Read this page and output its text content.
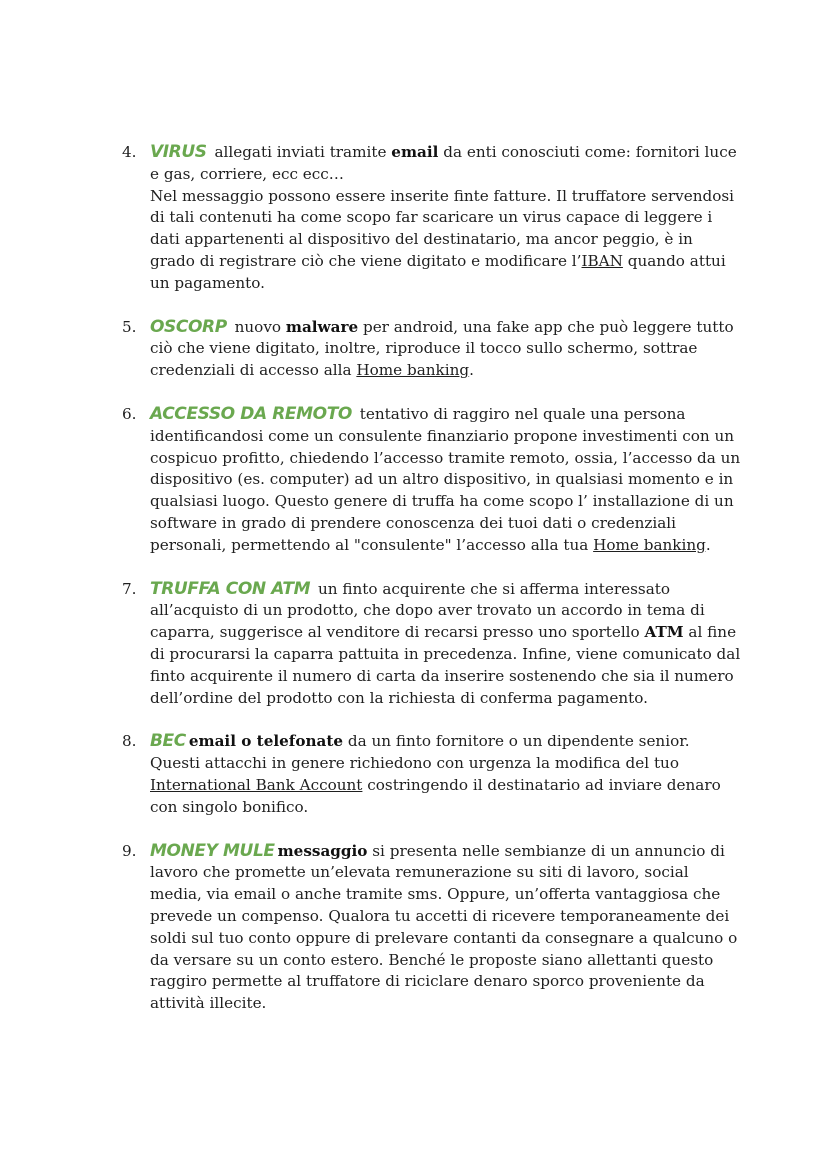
4. VIRUS allegati inviati tramite email da enti conosciuti come: fornitori luce e gas, corriere, ecc ecc…
Nel messaggio possono essere inserite finte fatture. Il truffatore servendosi di tali contenuti ha come scopo far scaricare un virus capace di leggere i dati appartenenti al dispositivo del destinatario, ma ancor peggio, è in grado di registrare ciò che viene digitato e modificare l’IBAN quando attui un pagamento.
5. OSCORP nuovo malware per android, una fake app che può leggere tutto ciò che viene digitato, inoltre, riproduce il tocco sullo schermo, sottrae credenziali di accesso alla Home banking.
6. ACCESSO DA REMOTO tentativo di raggiro nel quale una persona identificandosi come un consulente finanziario propone investimenti con un cospicuo profitto, chiedendo l’accesso tramite remoto, ossia, l’accesso da un dispositivo (es. computer) ad un altro dispositivo, in qualsiasi momento e in qualsiasi luogo. Questo genere di truffa ha come scopo l’ installazione di un software in grado di prendere conoscenza dei tuoi dati o credenziali personali, permettendo al "consulente" l’accesso alla tua Home banking.
7. TRUFFA CON ATM un finto acquirente che si afferma interessato all’acquisto di un prodotto, che dopo aver trovato un accordo in tema di caparra, suggerisce al venditore di recarsi presso uno sportello ATM al fine di procurarsi la caparra pattuita in precedenza. Infine, viene comunicato dal finto acquirente il numero di carta da inserire sostenendo che sia il numero dell’ordine del prodotto con la richiesta di conferma pagamento.
8. BEC email o telefonate da un finto fornitore o un dipendente senior. Questi attacchi in genere richiedono con urgenza la modifica del tuo International Bank Account costringendo il destinatario ad inviare denaro con singolo bonifico.
9. MONEY MULE messaggio si presenta nelle sembianze di un annuncio di lavoro che promette un’elevata remunerazione su siti di lavoro, social media, via email o anche tramite sms. Oppure, un’offerta vantaggiosa che prevede un compenso. Qualora tu accetti di ricevere temporaneamente dei soldi sul tuo conto oppure di prelevare contanti da consegnare a qualcuno o da versare su un conto estero. Benché le proposte siano allettanti questo raggiro permette al truffatore di riciclare denaro sporco proveniente da attività illecite.
